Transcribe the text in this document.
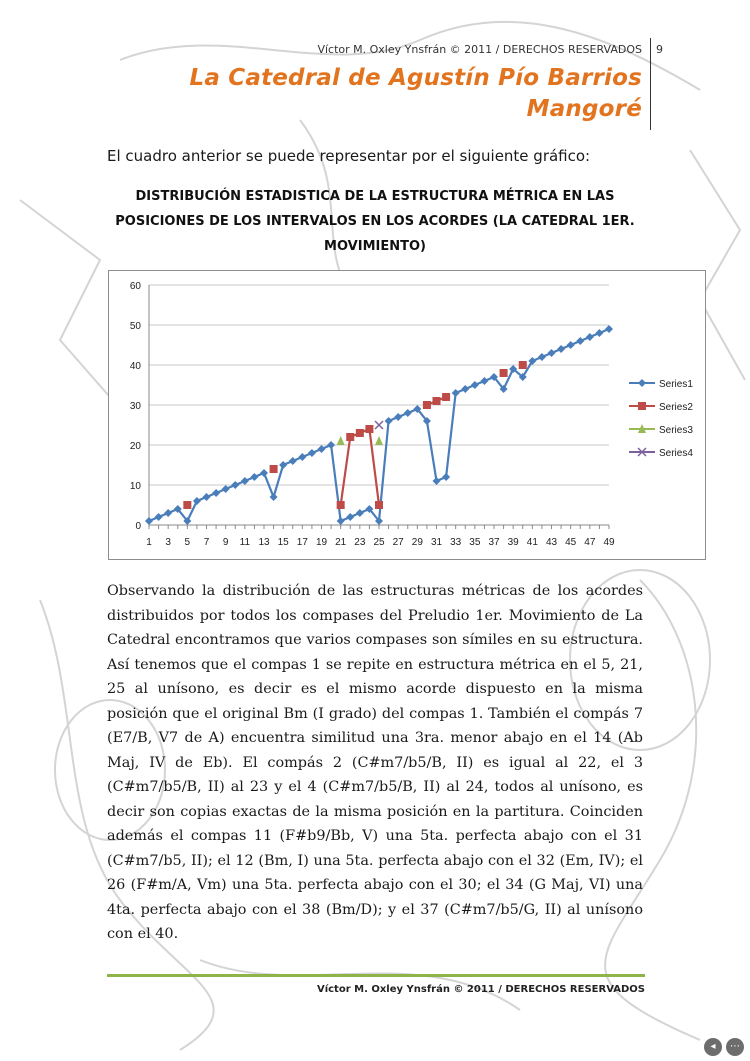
Víctor M. Oxley Ynsfrán © 2011 / DERECHOS RESERVADOS 9
La Catedral de Agustín Pío Barrios
Mangoré
El cuadro anterior se puede representar por el siguiente gráfico:
DISTRIBUCIÓN ESTADISTICA DE LA ESTRUCTURA MÉTRICA EN LAS POSICIONES DE LOS INTERVALOS EN LOS ACORDES (LA CATEDRAL 1ER. MOVIMIENTO)
0
10
20
30
40
50
60
1 3 5 7 9 11 13 15 17 19 21 23 25 27 29 31 33 35 37 39 41 43 45 47 49
Series1
Series2
Series3
Series4
Observando la distribución de las estructuras métricas de los acordes distribuidos por todos los compases del Preludio 1er. Movimiento de La Catedral encontramos que varios compases son símiles en su estructura. Así tenemos que el compas 1 se repite en estructura métrica en el 5, 21, 25 al unísono, es decir es el mismo acorde dispuesto en la misma posición que el original Bm (I grado) del compas 1. También el compás 7 (E7/B, V7 de A) encuentra similitud una 3ra. menor abajo en el 14 (Ab Maj, IV de Eb). El compás 2 (C#m7/b5/B, II) es igual al 22, el 3 (C#m7/b5/B, II) al 23 y el 4 (C#m7/b5/B, II) al 24, todos al unísono, es decir son copias exactas de la misma posición en la partitura. Coinciden además el compas 11 (F#b9/Bb, V) una 5ta. perfecta abajo con el 31 (C#m7/b5, II); el 12 (Bm, I) una 5ta. perfecta abajo con el 32 (Em, IV); el 26 (F#m/A, Vm) una 5ta. perfecta abajo con el 30; el 34 (G Maj, VI) una 4ta. perfecta abajo con el 38 (Bm/D); y el 37 (C#m7/b5/G, II) al unísono con el 40.
Víctor M. Oxley Ynsfrán © 2011 / DERECHOS RESERVADOS
◂	⋯
